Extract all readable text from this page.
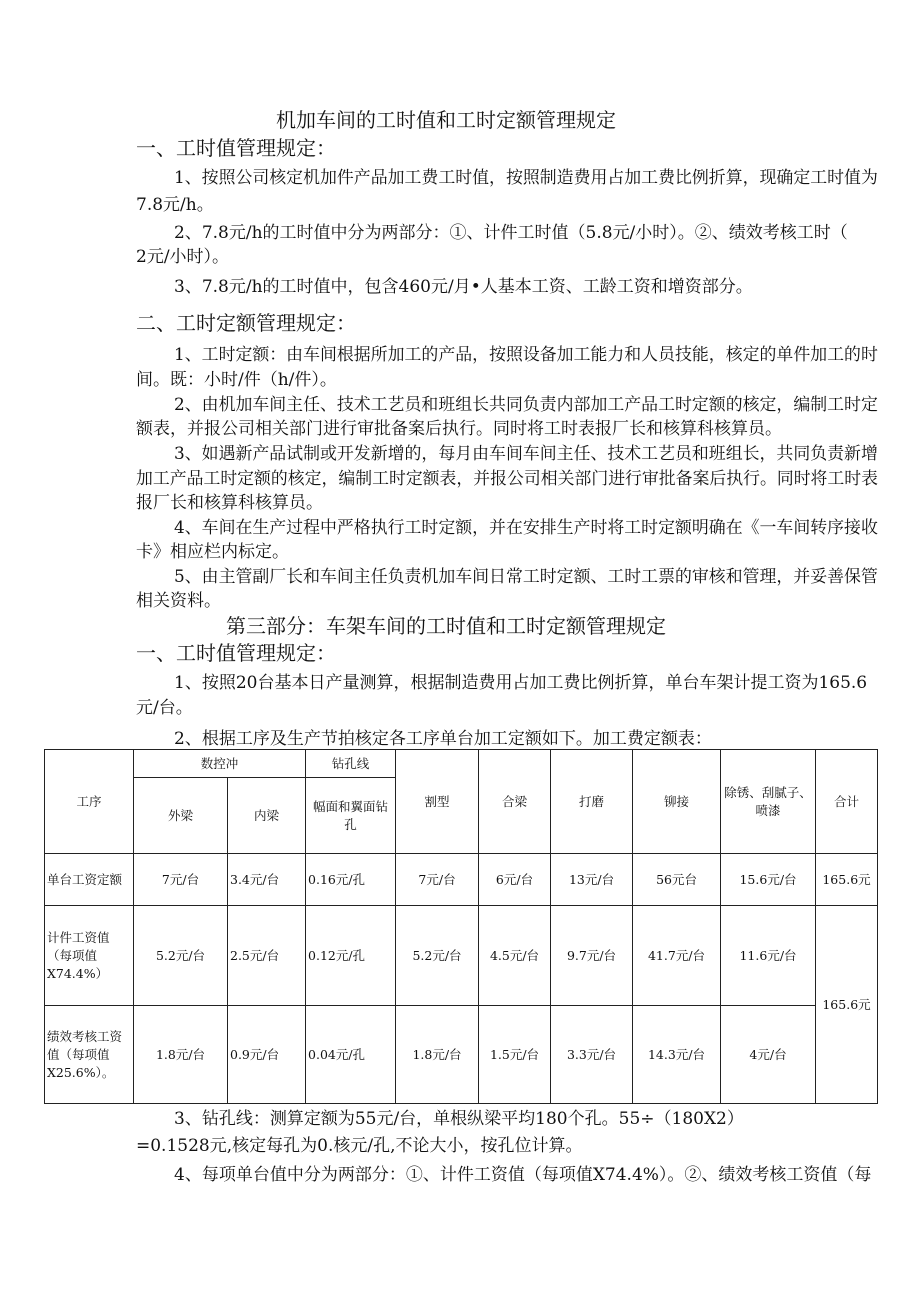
机加车间的工时值和工时定额管理规定
一、工时值管理规定：
1、按照公司核定机加件产品加工费工时值，按照制造费用占加工费比例折算，现确定工时值为
7.8元/h。
2、7.8元/h的工时值中分为两部分：①、计件工时值（5.8元/小时）。②、绩效考核工时（
2元/小时）。
3、7.8元/h的工时值中，包含460元/月•人基本工资、工龄工资和增资部分。
二、工时定额管理规定：
1、工时定额：由车间根据所加工的产品，按照设备加工能力和人员技能，核定的单件加工的时
间。既：小时/件（h/件）。
2、由机加车间主任、技术工艺员和班组长共同负责内部加工产品工时定额的核定，编制工时定
额表，并报公司相关部门进行审批备案后执行。同时将工时表报厂长和核算科核算员。
3、如遇新产品试制或开发新增的，每月由车间车间主任、技术工艺员和班组长，共同负责新增
加工产品工时定额的核定，编制工时定额表，并报公司相关部门进行审批备案后执行。同时将工时表
报厂长和核算科核算员。
4、车间在生产过程中严格执行工时定额，并在安排生产时将工时定额明确在《一车间转序接收
卡》相应栏内标定。
5、由主管副厂长和车间主任负责机加车间日常工时定额、工时工票的审核和管理，并妥善保管
相关资料。
第三部分：车架车间的工时值和工时定额管理规定
一、工时值管理规定：
1、按照20台基本日产量测算，根据制造费用占加工费比例折算，单台车架计提工资为165.6
元/台。
2、根据工序及生产节拍核定各工序单台加工定额如下。加工费定额表：
工序	数控冲		钻孔线	割型	合梁	打磨	铆接	除锈、刮腻子、喷漆	合计
	外梁	内梁	幅面和翼面钻孔						
单台工资定额	7元/台	3.4元/台	0.16元/孔	7元/台	6元/台	13元/台	56元台	15.6元/台	165.6元
计件工资值（每项值X74.4%）	5.2元/台	2.5元/台	0.12元/孔	5.2元/台	4.5元/台	9.7元/台	41.7元/台	11.6元/台	165.6元
绩效考核工资值（每项值X25.6%）。	1.8元/台	0.9元/台	0.04元/孔	1.8元/台	1.5元/台	3.3元/台	14.3元/台	4元/台	
3、钻孔线：测算定额为55元/台，单根纵梁平均180个孔。55÷（180X2）
=0.1528元,核定每孔为0.核元/孔,不论大小，按孔位计算。
4、每项单台值中分为两部分：①、计件工资值（每项值X74.4%）。②、绩效考核工资值（每
